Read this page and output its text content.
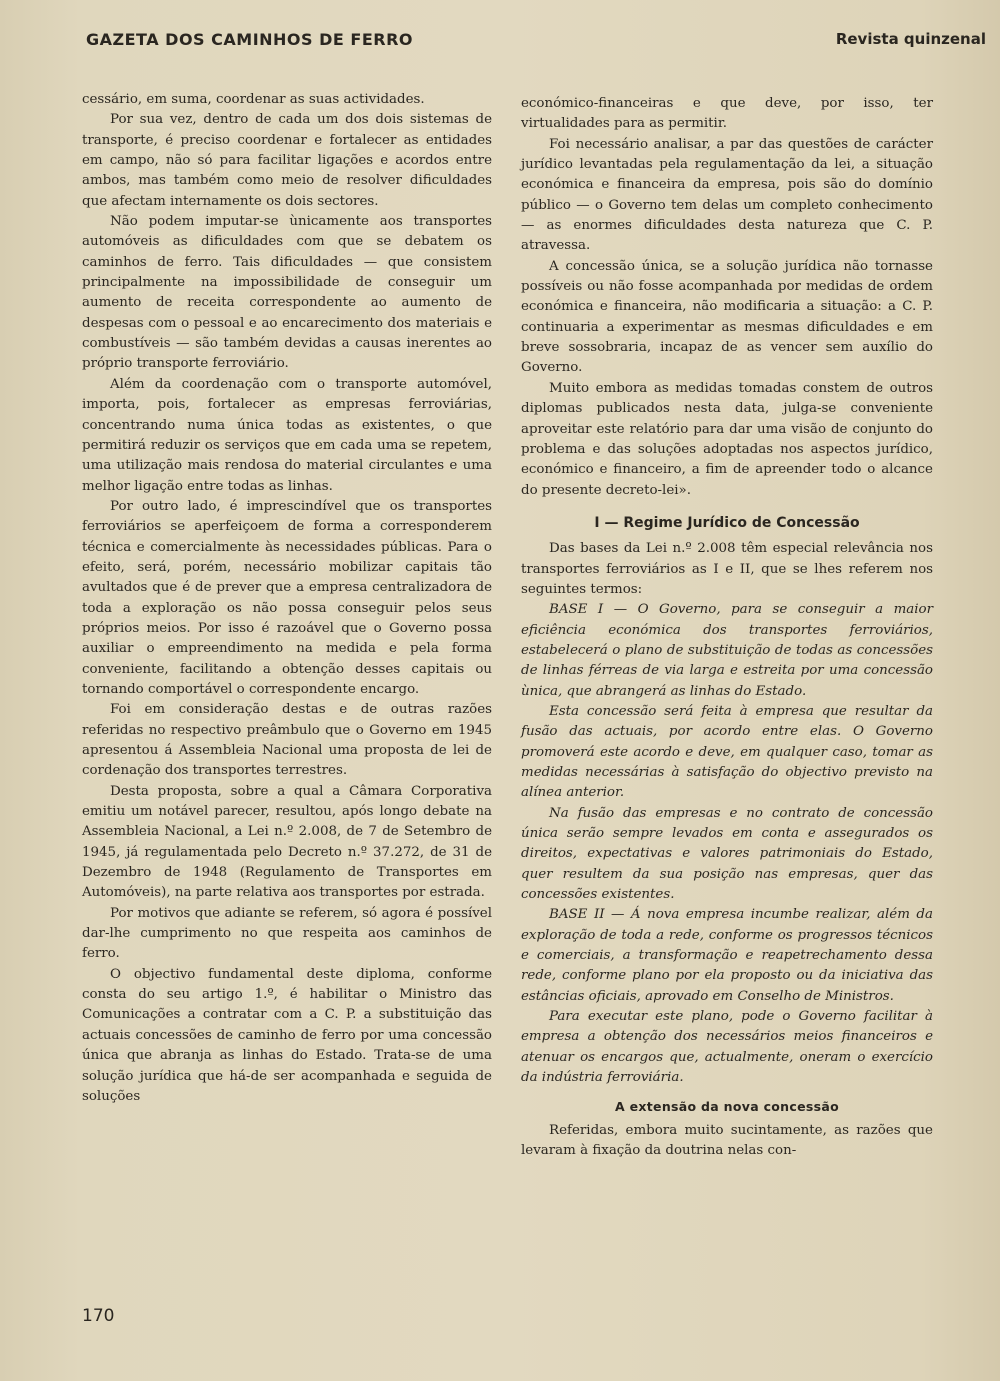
GAZETA DOS CAMINHOS DE FERRO	Revista quinzenal

cessário, em suma, coordenar as suas actividades.

Por sua vez, dentro de cada um dos dois sistemas de transporte, é preciso coordenar e fortalecer as entidades em campo, não só para facilitar ligações e acordos entre ambos, mas também como meio de resolver dificuldades que afectam internamente os dois sectores.

Não podem imputar-se ùnicamente aos transportes automóveis as dificuldades com que se debatem os caminhos de ferro. Tais dificuldades — que consistem principalmente na impossibilidade de conseguir um aumento de receita correspondente ao aumento de despesas com o pessoal e ao encarecimento dos materiais e combustíveis — são também devidas a causas inerentes ao próprio transporte ferroviário.

Além da coordenação com o transporte automóvel, importa, pois, fortalecer as empresas ferroviárias, concentrando numa única todas as existentes, o que permitirá reduzir os serviços que em cada uma se repetem, uma utilização mais rendosa do material circulantes e uma melhor ligação entre todas as linhas.

Por outro lado, é imprescindível que os transportes ferroviários se aperfeiçoem de forma a corresponderem técnica e comercialmente às necessidades públicas. Para o efeito, será, porém, necessário mobilizar capitais tão avultados que é de prever que a empresa centralizadora de toda a exploração os não possa conseguir pelos seus próprios meios. Por isso é razoável que o Governo possa auxiliar o empreendimento na medida e pela forma conveniente, facilitando a obtenção desses capitais ou tornando comportável o correspondente encargo.

Foi em consideração destas e de outras razões referidas no respectivo preâmbulo que o Governo em 1945 apresentou á Assembleia Nacional uma proposta de lei de cordenação dos transportes terrestres.

Desta proposta, sobre a qual a Câmara Corporativa emitiu um notável parecer, resultou, após longo debate na Assembleia Nacional, a Lei n.º 2.008, de 7 de Setembro de 1945, já regulamentada pelo Decreto n.º 37.272, de 31 de Dezembro de 1948 (Regulamento de Transportes em Automóveis), na parte relativa aos transportes por estrada.

Por motivos que adiante se referem, só agora é possível dar-lhe cumprimento no que respeita aos caminhos de ferro.

O objectivo fundamental deste diploma, conforme consta do seu artigo 1.º, é habilitar o Ministro das Comunicações a contratar com a C. P. a substituição das actuais concessões de caminho de ferro por uma concessão única que abranja as linhas do Estado. Trata-se de uma solução jurídica que há-de ser acompanhada e seguida de soluções

económico-financeiras e que deve, por isso, ter virtualidades para as permitir.

Foi necessário analisar, a par das questões de carácter jurídico levantadas pela regulamentação da lei, a situação económica e financeira da empresa, pois são do domínio público — o Governo tem delas um completo conhecimento — as enormes dificuldades desta natureza que C. P. atravessa.

A concessão única, se a solução jurídica não tornasse possíveis ou não fosse acompanhada por medidas de ordem económica e financeira, não modificaria a situação: a C. P. continuaria a experimentar as mesmas dificuldades e em breve sossobraria, incapaz de as vencer sem auxílio do Governo.

Muito embora as medidas tomadas constem de outros diplomas publicados nesta data, julga-se conveniente aproveitar este relatório para dar uma visão de conjunto do problema e das soluções adoptadas nos aspectos jurídico, económico e financeiro, a fim de apreender todo o alcance do presente decreto-lei».

I — Regime Jurídico de Concessão

Das bases da Lei n.º 2.008 têm especial relevância nos transportes ferroviários as I e II, que se lhes referem nos seguintes termos:

BASE I — O Governo, para se conseguir a maior eficiência económica dos transportes ferroviários, estabelecerá o plano de substituição de todas as concessões de linhas férreas de via larga e estreita por uma concessão ùnica, que abrangerá as linhas do Estado.

Esta concessão será feita à empresa que resultar da fusão das actuais, por acordo entre elas. O Governo promoverá este acordo e deve, em qualquer caso, tomar as medidas necessárias à satisfação do objectivo previsto na alínea anterior.

Na fusão das empresas e no contrato de concessão única serão sempre levados em conta e assegurados os direitos, expectativas e valores patrimoniais do Estado, quer resultem da sua posição nas empresas, quer das concessões existentes.

BASE II — Á nova empresa incumbe realizar, além da exploração de toda a rede, conforme os progressos técnicos e comerciais, a transformação e reapetrechamento dessa rede, conforme plano por ela proposto ou da iniciativa das estâncias oficiais, aprovado em Conselho de Ministros.

Para executar este plano, pode o Governo facilitar à empresa a obtenção dos necessários meios financeiros e atenuar os encargos que, actualmente, oneram o exercício da indústria ferroviária.

A extensão da nova concessão

Referidas, embora muito sucintamente, as razões que levaram à fixação da doutrina nelas con-

170
